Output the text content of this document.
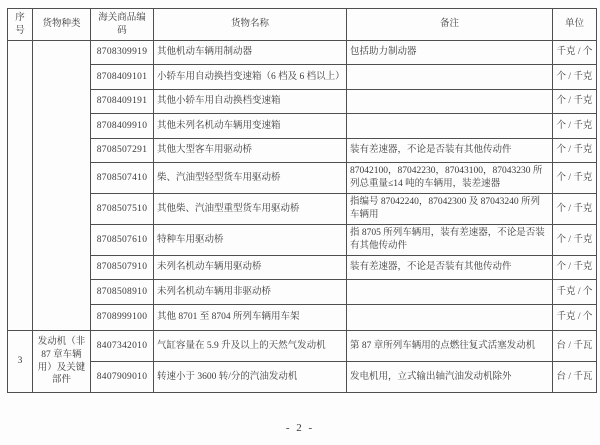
序号	货物种类	海关商品编码	货物名称	备注	单位
		8708309919	其他机动车辆用制动器	包括助力制动器	千克 / 个
		8708409101	小轿车用自动换挡变速箱（6 档及 6 档以上）		个 / 千克
		8708409191	其他小轿车用自动换档变速箱		个 / 千克
		8708409910	其他未列名机动车辆用变速箱		个 / 千克
		8708507291	其他大型客车用驱动桥	装有差速器，不论是否装有其他传动件	个 / 千克
		8708507410	柴、汽油型轻型货车用驱动桥	87042100，87042230，87043100，87043230 所列总重量≤14 吨的车辆用，装差速器	个 / 千克
		8708507510	其他柴、汽油型重型货车用驱动桥	指编号 87042240，87042300 及 87043240 所列车辆用	个 / 千克
		8708507610	特种车用驱动桥	指 8705 所列车辆用，装有差速器，不论是否装有其他传动件	个 / 千克
		8708507910	未列名机动车辆用驱动桥	装有差速器，不论是否装有其他传动件	个 / 千克
		8708508910	未列名机动车辆用非驱动桥		千克 / 个
		8708999100	其他 8701 至 8704 所列车辆用车架		千克 / 个
3	发动机（非 87 章车辆用）及关键部件	8407342010	气缸容量在 5.9 升及以上的天然气发动机	第 87 章所列车辆用的点燃往复式活塞发动机	台 / 千瓦
		8407909010	转速小于 3600 转/分的汽油发动机	发电机用，立式输出轴汽油发动机除外	台 / 千瓦
- 2 -
